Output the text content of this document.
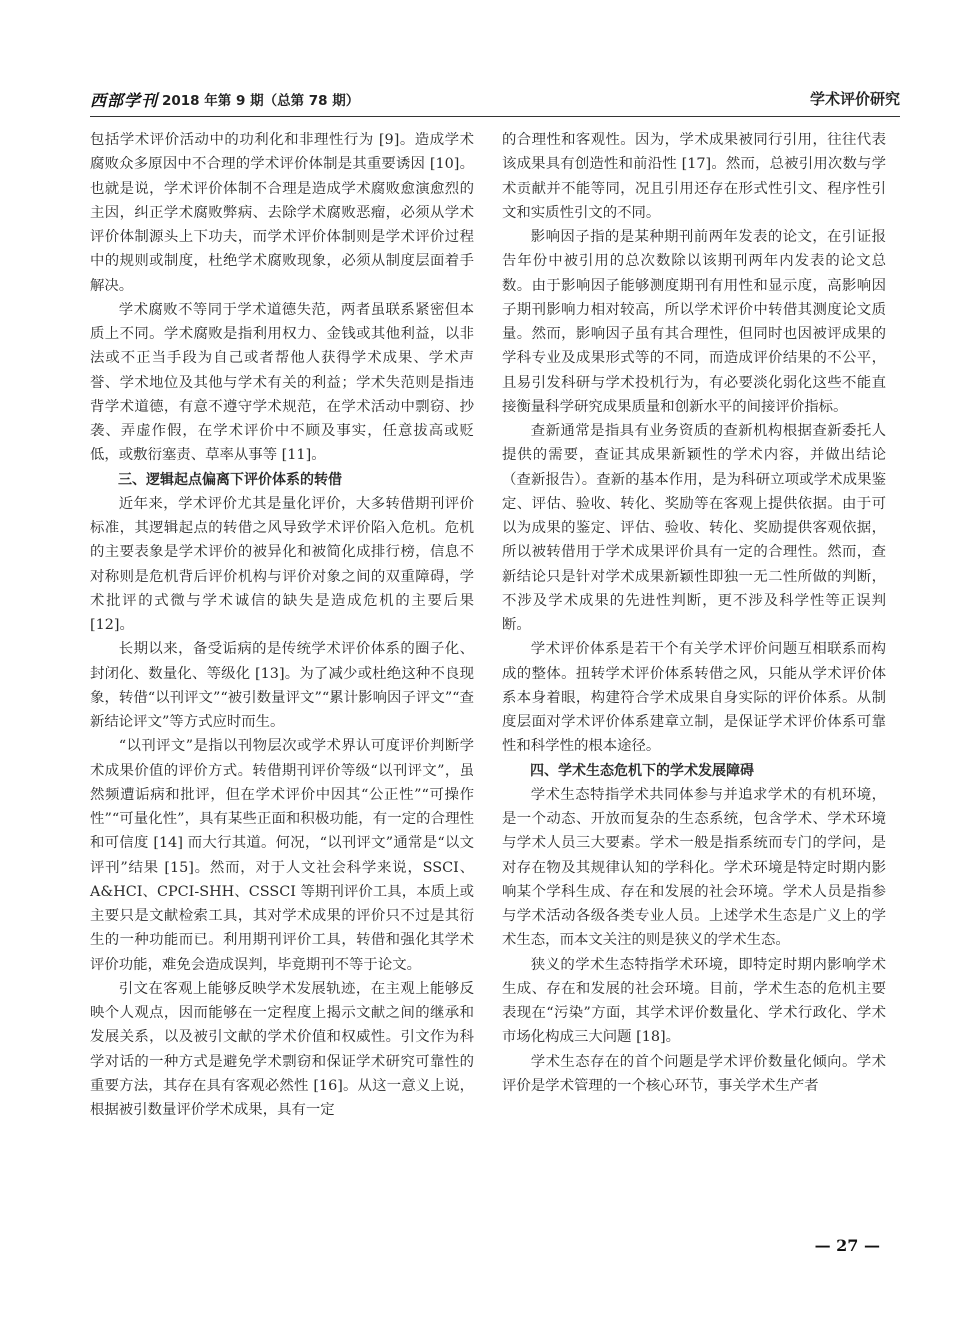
西部学刊 2018 年第 9 期（总第 78 期）	学术评价研究

包括学术评价活动中的功利化和非理性行为 [9]。造成学术腐败众多原因中不合理的学术评价体制是其重要诱因 [10]。也就是说，学术评价体制不合理是造成学术腐败愈演愈烈的主因，纠正学术腐败弊病、去除学术腐败恶瘤，必须从学术评价体制源头上下功夫，而学术评价体制则是学术评价过程中的规则或制度，杜绝学术腐败现象，必须从制度层面着手解决。

学术腐败不等同于学术道德失范，两者虽联系紧密但本质上不同。学术腐败是指利用权力、金钱或其他利益，以非法或不正当手段为自己或者帮他人获得学术成果、学术声誉、学术地位及其他与学术有关的利益；学术失范则是指违背学术道德，有意不遵守学术规范，在学术活动中剽窃、抄袭、弄虚作假，在学术评价中不顾及事实，任意拔高或贬低，或敷衍塞责、草率从事等 [11]。

三、逻辑起点偏离下评价体系的转借

近年来，学术评价尤其是量化评价，大多转借期刊评价标准，其逻辑起点的转借之风导致学术评价陷入危机。危机的主要表象是学术评价的被异化和被简化成排行榜，信息不对称则是危机背后评价机构与评价对象之间的双重障碍，学术批评的式微与学术诚信的缺失是造成危机的主要后果 [12]。

长期以来，备受诟病的是传统学术评价体系的圈子化、封闭化、数量化、等级化 [13]。为了减少或杜绝这种不良现象，转借“以刊评文”“被引数量评文”“累计影响因子评文”“查新结论评文”等方式应时而生。

“以刊评文”是指以刊物层次或学术界认可度评价判断学术成果价值的评价方式。转借期刊评价等级“以刊评文”，虽然频遭诟病和批评，但在学术评价中因其“公正性”“可操作性”“可量化性”，具有某些正面和积极功能，有一定的合理性和可信度 [14] 而大行其道。何况，“以刊评文”通常是“以文评刊”结果 [15]。然而，对于人文社会科学来说，SSCI、A&HCI、CPCI-SHH、CSSCI 等期刊评价工具，本质上或主要只是文献检索工具，其对学术成果的评价只不过是其衍生的一种功能而已。利用期刊评价工具，转借和强化其学术评价功能，难免会造成误判，毕竟期刊不等于论文。

引文在客观上能够反映学术发展轨迹，在主观上能够反映个人观点，因而能够在一定程度上揭示文献之间的继承和发展关系，以及被引文献的学术价值和权威性。引文作为科学对话的一种方式是避免学术剽窃和保证学术研究可靠性的重要方法，其存在具有客观必然性 [16]。从这一意义上说，根据被引数量评价学术成果，具有一定

的合理性和客观性。因为，学术成果被同行引用，往往代表该成果具有创造性和前沿性 [17]。然而，总被引用次数与学术贡献并不能等同，况且引用还存在形式性引文、程序性引文和实质性引文的不同。

影响因子指的是某种期刊前两年发表的论文，在引证报告年份中被引用的总次数除以该期刊两年内发表的论文总数。由于影响因子能够测度期刊有用性和显示度，高影响因子期刊影响力相对较高，所以学术评价中转借其测度论文质量。然而，影响因子虽有其合理性，但同时也因被评成果的学科专业及成果形式等的不同，而造成评价结果的不公平，且易引发科研与学术投机行为，有必要淡化弱化这些不能直接衡量科学研究成果质量和创新水平的间接评价指标。

查新通常是指具有业务资质的查新机构根据查新委托人提供的需要，查证其成果新颖性的学术内容，并做出结论（查新报告）。查新的基本作用，是为科研立项或学术成果鉴定、评估、验收、转化、奖励等在客观上提供依据。由于可以为成果的鉴定、评估、验收、转化、奖励提供客观依据，所以被转借用于学术成果评价具有一定的合理性。然而，查新结论只是针对学术成果新颖性即独一无二性所做的判断，不涉及学术成果的先进性判断，更不涉及科学性等正误判断。

学术评价体系是若干个有关学术评价问题互相联系而构成的整体。扭转学术评价体系转借之风，只能从学术评价体系本身着眼，构建符合学术成果自身实际的评价体系。从制度层面对学术评价体系建章立制，是保证学术评价体系可靠性和科学性的根本途径。

四、学术生态危机下的学术发展障碍

学术生态特指学术共同体参与并追求学术的有机环境，是一个动态、开放而复杂的生态系统，包含学术、学术环境与学术人员三大要素。学术一般是指系统而专门的学问，是对存在物及其规律认知的学科化。学术环境是特定时期内影响某个学科生成、存在和发展的社会环境。学术人员是指参与学术活动各级各类专业人员。上述学术生态是广义上的学术生态，而本文关注的则是狭义的学术生态。

狭义的学术生态特指学术环境，即特定时期内影响学术生成、存在和发展的社会环境。目前，学术生态的危机主要表现在“污染”方面，其学术评价数量化、学术行政化、学术市场化构成三大问题 [18]。

学术生态存在的首个问题是学术评价数量化倾向。学术评价是学术管理的一个核心环节，事关学术生产者

— 27 —
